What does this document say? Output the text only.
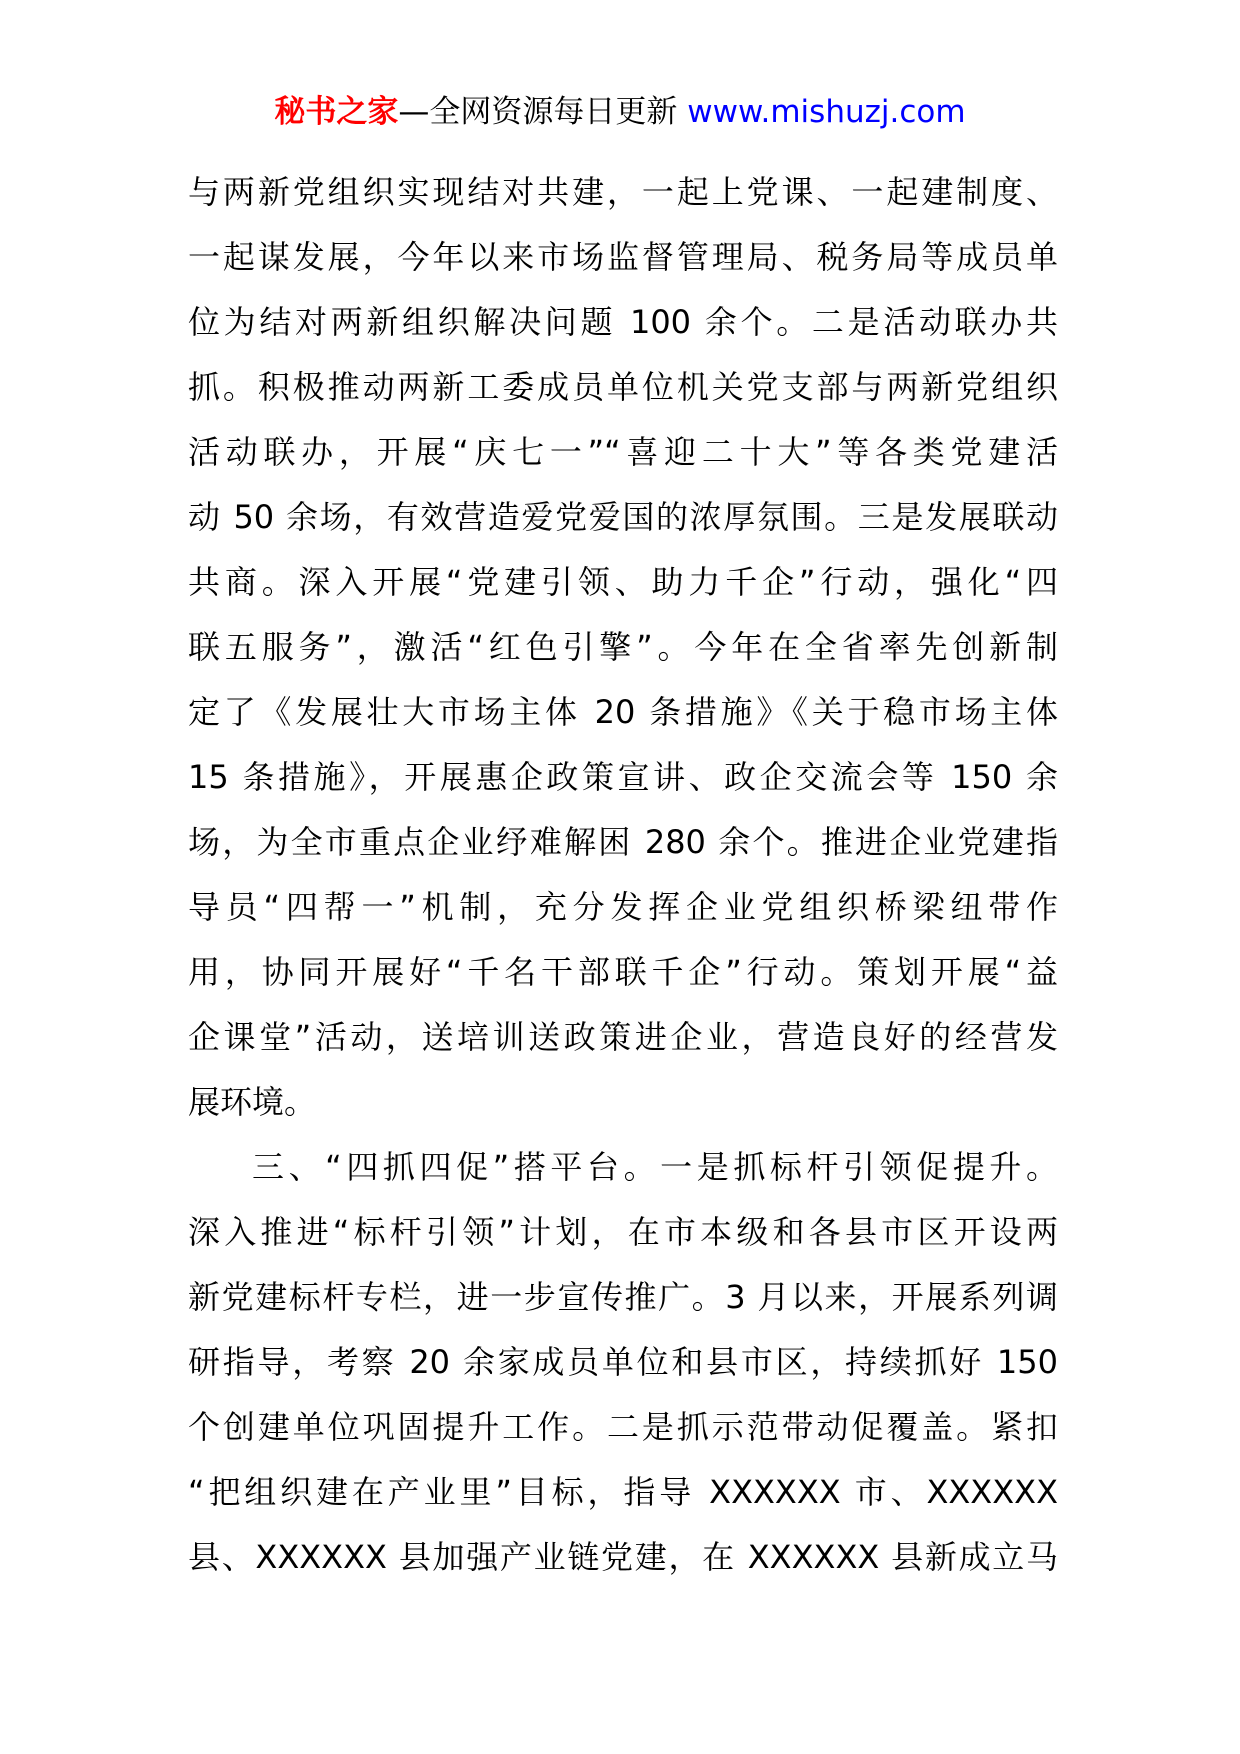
秘书之家—全网资源每日更新 www.mishuzj.com
与两新党组织实现结对共建，一起上党课、一起建制度、
一起谋发展，今年以来市场监督管理局、税务局等成员单
位为结对两新组织解决问题 100 余个。二是活动联办共
抓。积极推动两新工委成员单位机关党支部与两新党组织
活动联办，开展“庆七一”“喜迎二十大”等各类党建活
动 50 余场，有效营造爱党爱国的浓厚氛围。三是发展联动
共商。深入开展“党建引领、助力千企”行动，强化“四
联五服务”，激活“红色引擎”。今年在全省率先创新制
定了《发展壮大市场主体 20 条措施》《关于稳市场主体
15 条措施》，开展惠企政策宣讲、政企交流会等 150 余
场，为全市重点企业纾难解困 280 余个。推进企业党建指
导员“四帮一”机制，充分发挥企业党组织桥梁纽带作
用，协同开展好“千名干部联千企”行动。策划开展“益
企课堂”活动，送培训送政策进企业，营造良好的经营发
展环境。
三、“四抓四促”搭平台。一是抓标杆引领促提升。
深入推进“标杆引领”计划，在市本级和各县市区开设两
新党建标杆专栏，进一步宣传推广。3 月以来，开展系列调
研指导，考察 20 余家成员单位和县市区，持续抓好 150
个创建单位巩固提升工作。二是抓示范带动促覆盖。紧扣
“把组织建在产业里”目标，指导 XXXXXX 市、XXXXXX
县、XXXXXX 县加强产业链党建，在 XXXXXX 县新成立马
